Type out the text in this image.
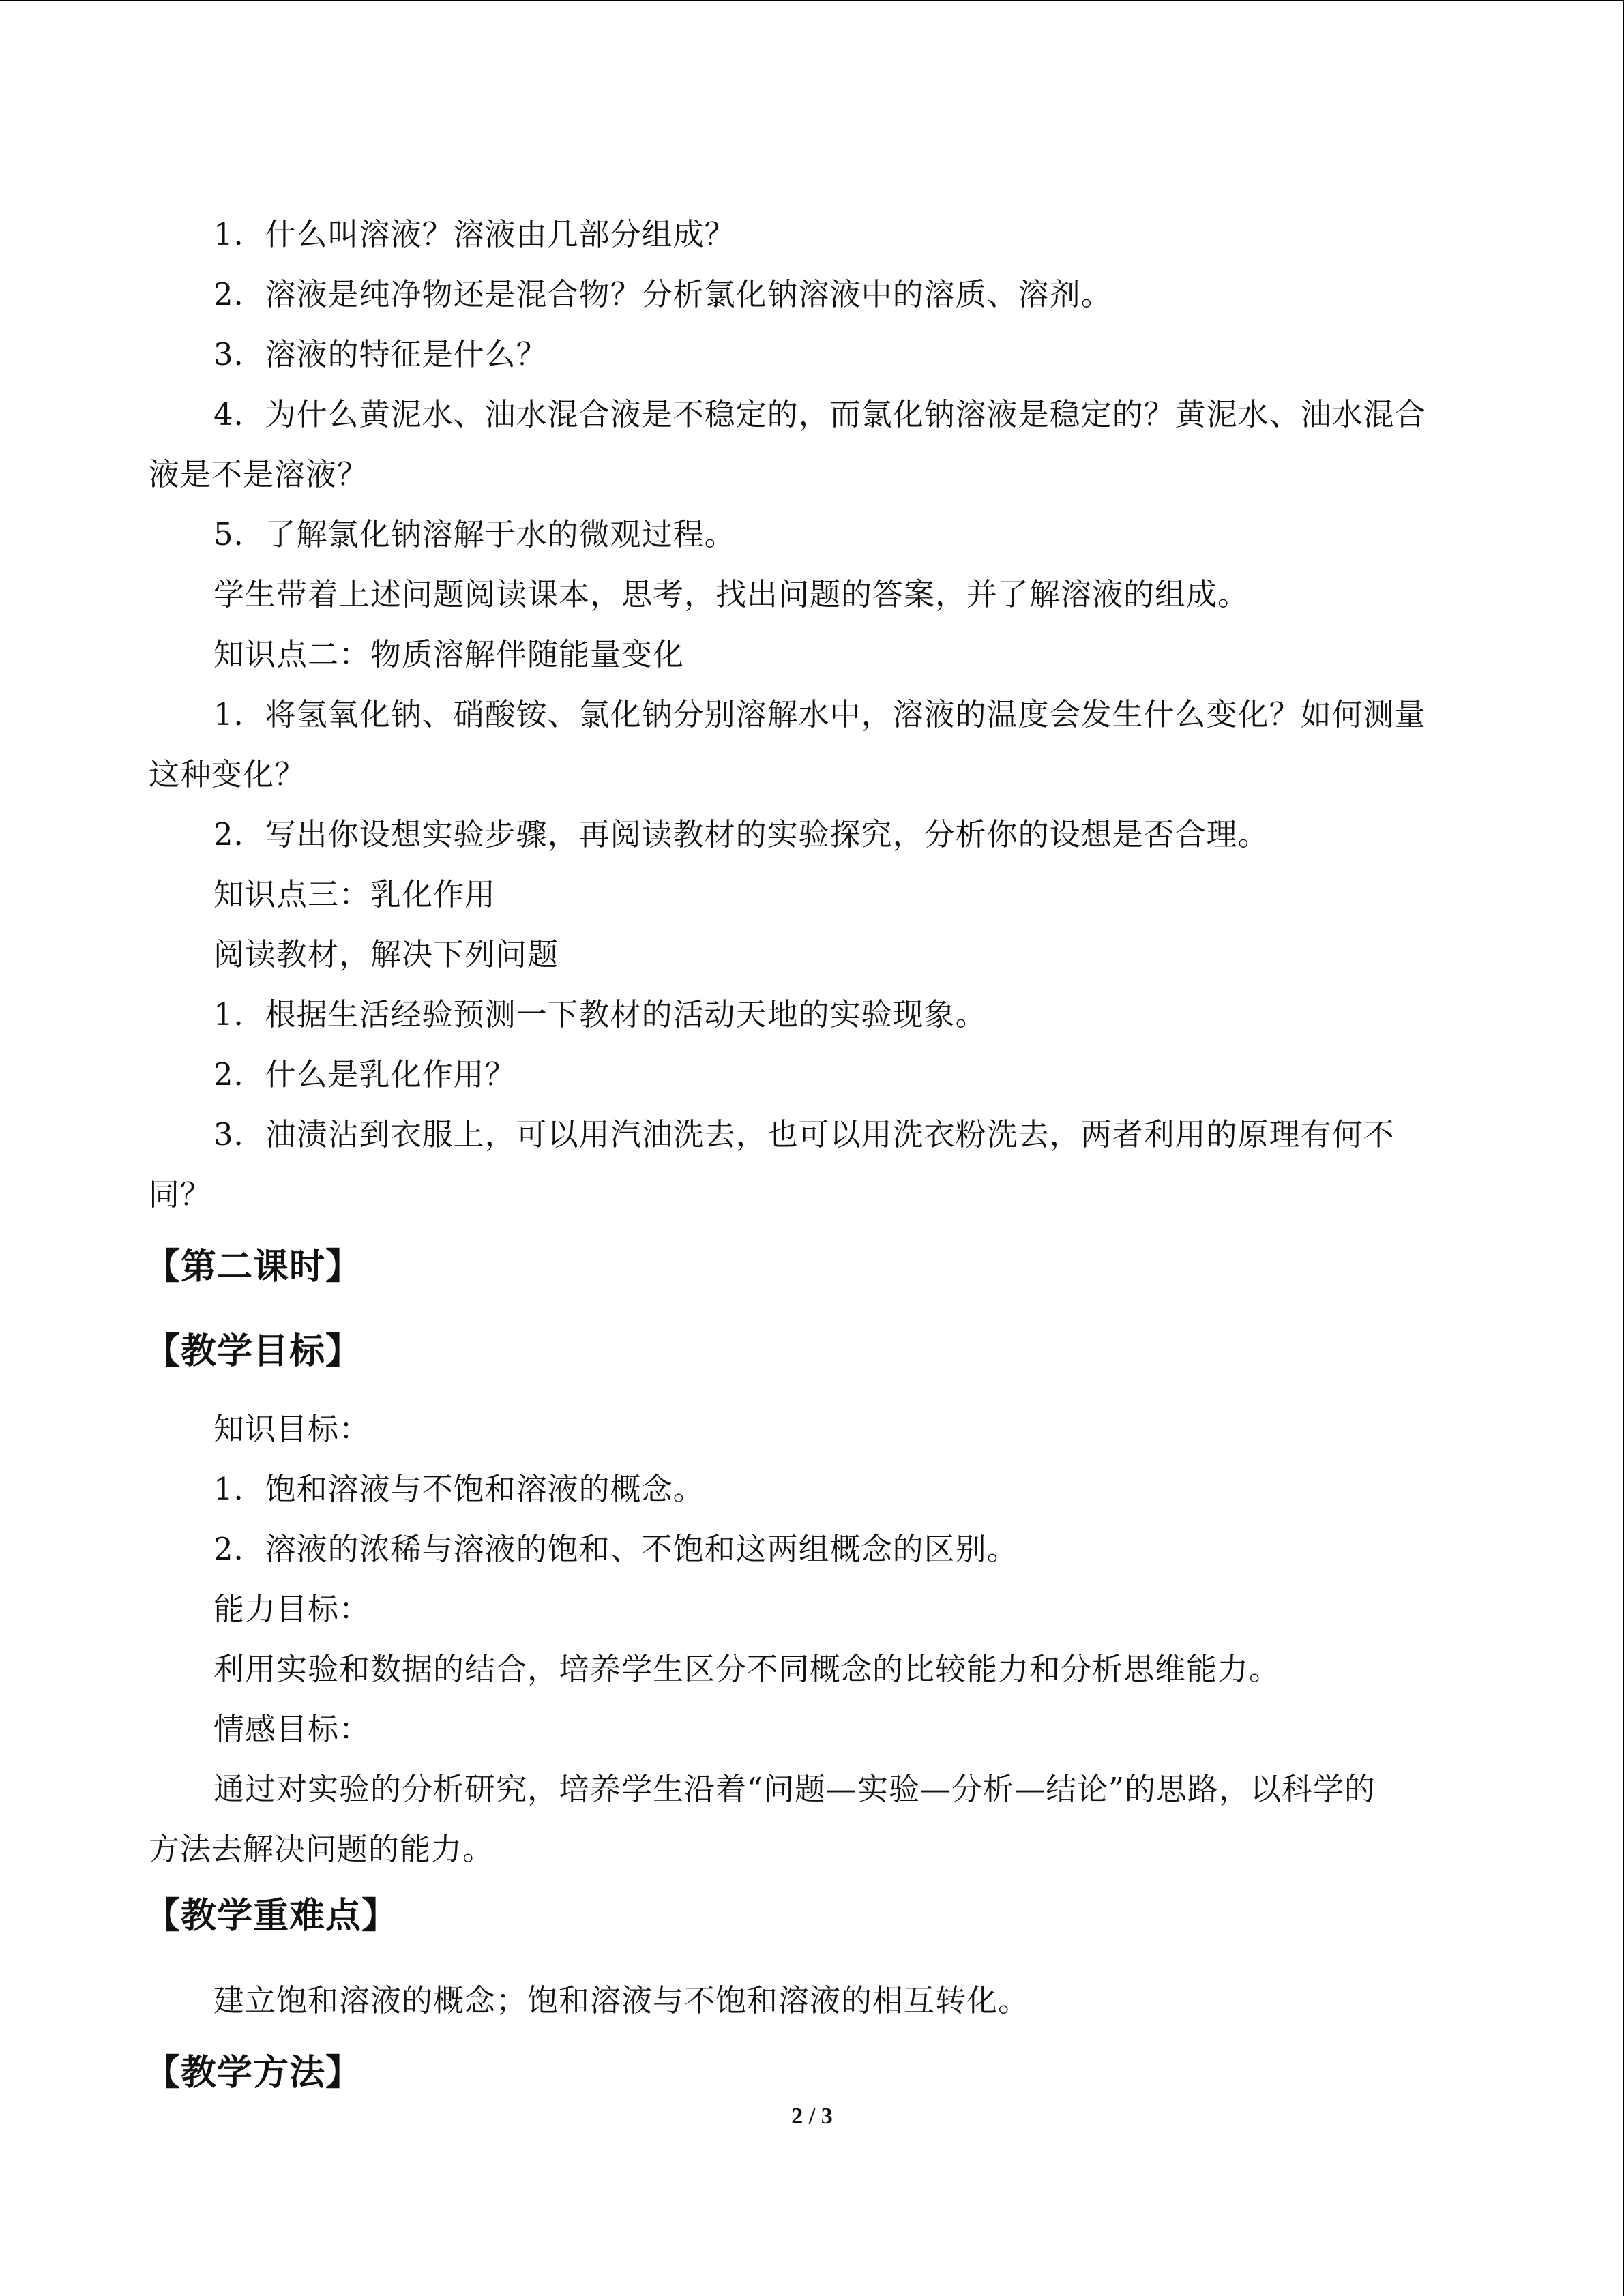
1．什么叫溶液？溶液由几部分组成？
2．溶液是纯净物还是混合物？分析氯化钠溶液中的溶质、溶剂。
3．溶液的特征是什么？
4．为什么黄泥水、油水混合液是不稳定的，而氯化钠溶液是稳定的？黄泥水、油水混合
液是不是溶液？
5．了解氯化钠溶解于水的微观过程。
学生带着上述问题阅读课本，思考，找出问题的答案，并了解溶液的组成。
知识点二：物质溶解伴随能量变化
1．将氢氧化钠、硝酸铵、氯化钠分别溶解水中，溶液的温度会发生什么变化？如何测量
这种变化？
2．写出你设想实验步骤，再阅读教材的实验探究，分析你的设想是否合理。
知识点三：乳化作用
阅读教材，解决下列问题
1．根据生活经验预测一下教材的活动天地的实验现象。
2．什么是乳化作用？
3．油渍沾到衣服上，可以用汽油洗去，也可以用洗衣粉洗去，两者利用的原理有何不
同？
【第二课时】
【教学目标】
知识目标：
1．饱和溶液与不饱和溶液的概念。
2．溶液的浓稀与溶液的饱和、不饱和这两组概念的区别。
能力目标：
利用实验和数据的结合，培养学生区分不同概念的比较能力和分析思维能力。
情感目标：
通过对实验的分析研究，培养学生沿着“问题—实验—分析—结论”的思路，以科学的
方法去解决问题的能力。
【教学重难点】
建立饱和溶液的概念；饱和溶液与不饱和溶液的相互转化。
【教学方法】
2 / 3
